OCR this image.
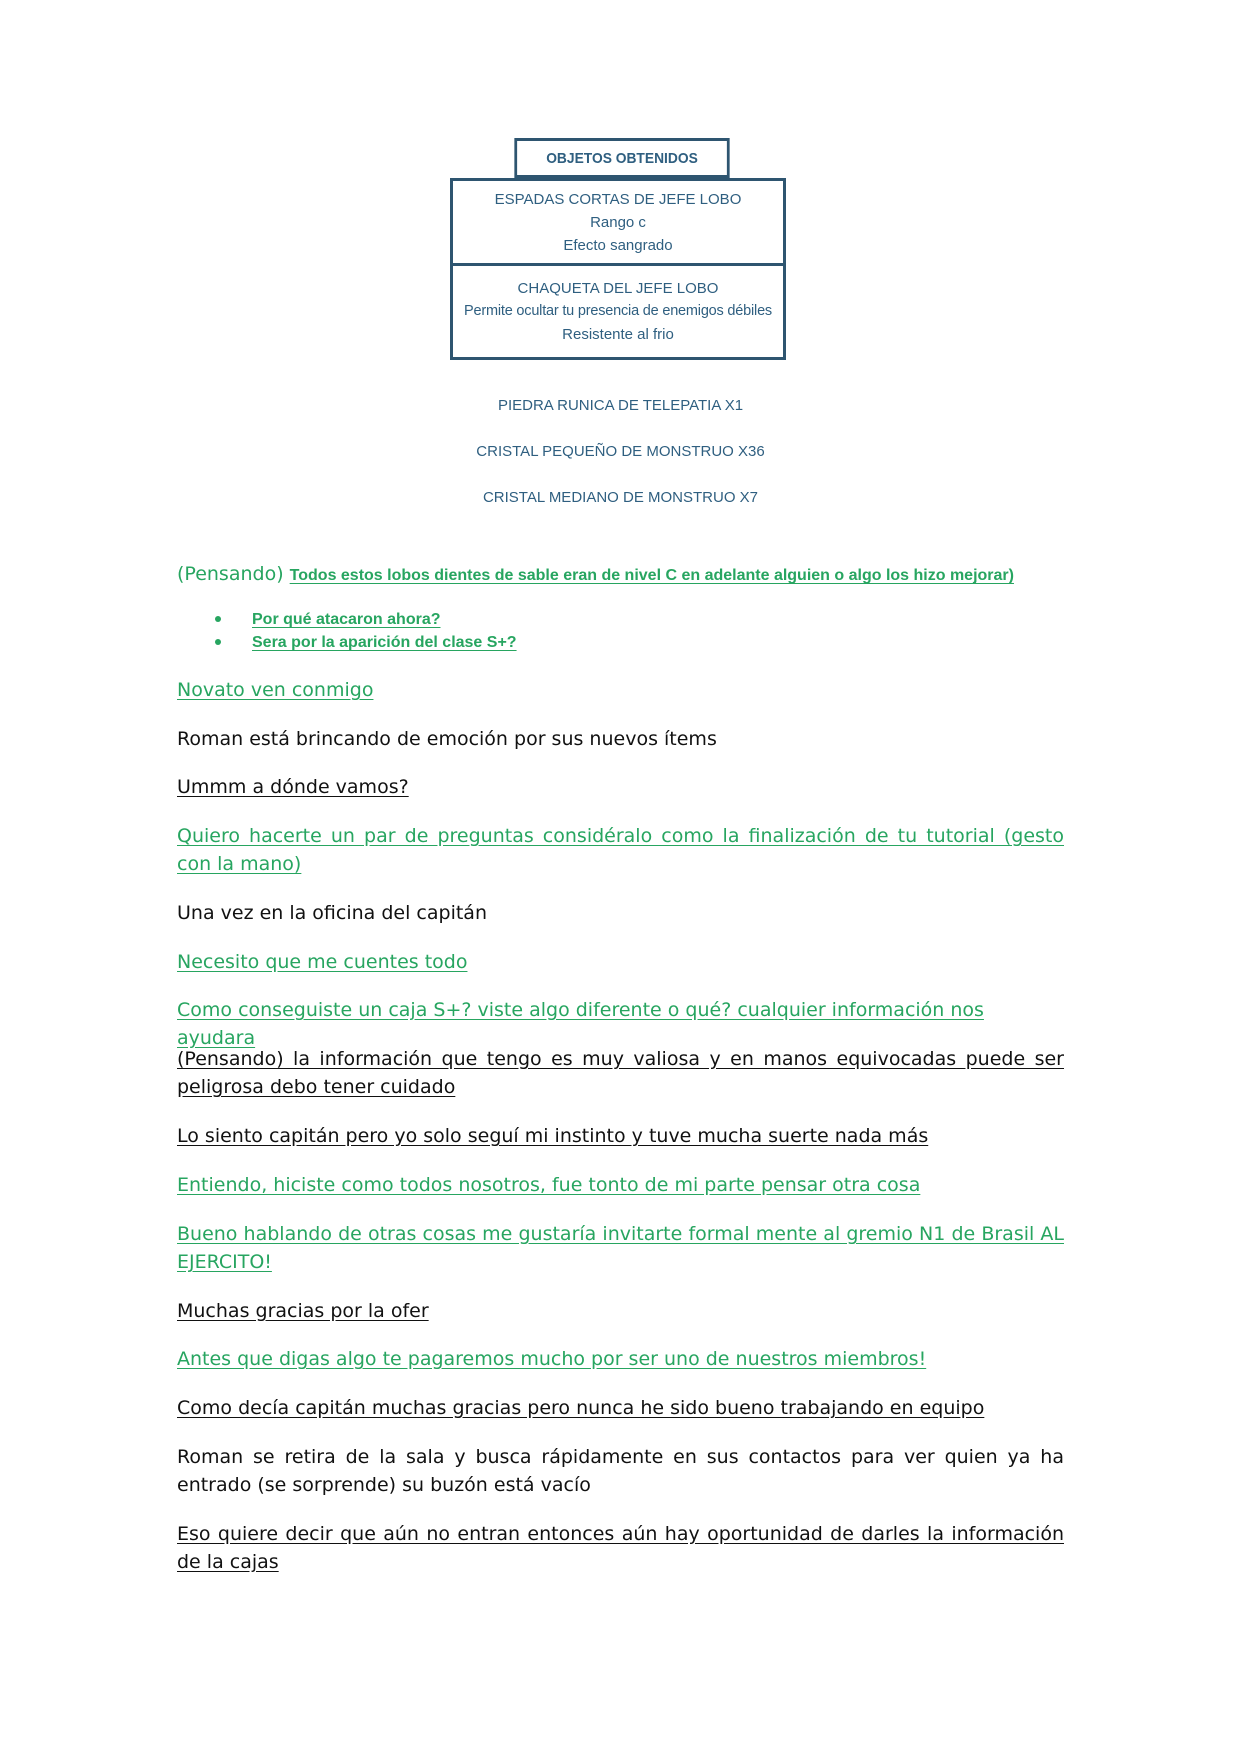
OBJETOS OBTENIDOS
ESPADAS CORTAS DE JEFE LOBO
Rango c
Efecto sangrado
CHAQUETA DEL JEFE LOBO
Permite ocultar tu presencia de enemigos débiles
Resistente al frio
PIEDRA RUNICA DE TELEPATIA X1
CRISTAL PEQUEÑO DE MONSTRUO X36
CRISTAL MEDIANO DE MONSTRUO X7

(Pensando) Todos estos lobos dientes de sable eran de nivel C en adelante alguien o algo los hizo mejorar)

Por qué atacaron ahora?
Sera por la aparición del clase S+?

Novato ven conmigo

Roman está brincando de emoción por sus nuevos ítems

Ummm a dónde vamos?

Quiero hacerte un par de preguntas considéralo como la finalización de tu tutorial (gesto con la mano)

Una vez en la oficina del capitán

Necesito que me cuentes todo

Como conseguiste un caja S+? viste algo diferente o qué? cualquier información nos ayudara

(Pensando) la información que tengo es muy valiosa y en manos equivocadas puede ser peligrosa debo tener cuidado

Lo siento capitán pero yo solo seguí mi instinto y tuve mucha suerte nada más

Entiendo, hiciste como todos nosotros, fue tonto de mi parte pensar otra cosa

Bueno hablando de otras cosas me gustaría invitarte formal mente al gremio N1 de Brasil AL EJERCITO!

Muchas gracias por la ofer

Antes que digas algo te pagaremos mucho por ser uno de nuestros miembros!

Como decía capitán muchas gracias pero nunca he sido bueno trabajando en equipo

Roman se retira de la sala y busca rápidamente en sus contactos para ver quien ya ha entrado (se sorprende) su buzón está vacío

Eso quiere decir que aún no entran entonces aún hay oportunidad de darles la información de la cajas
